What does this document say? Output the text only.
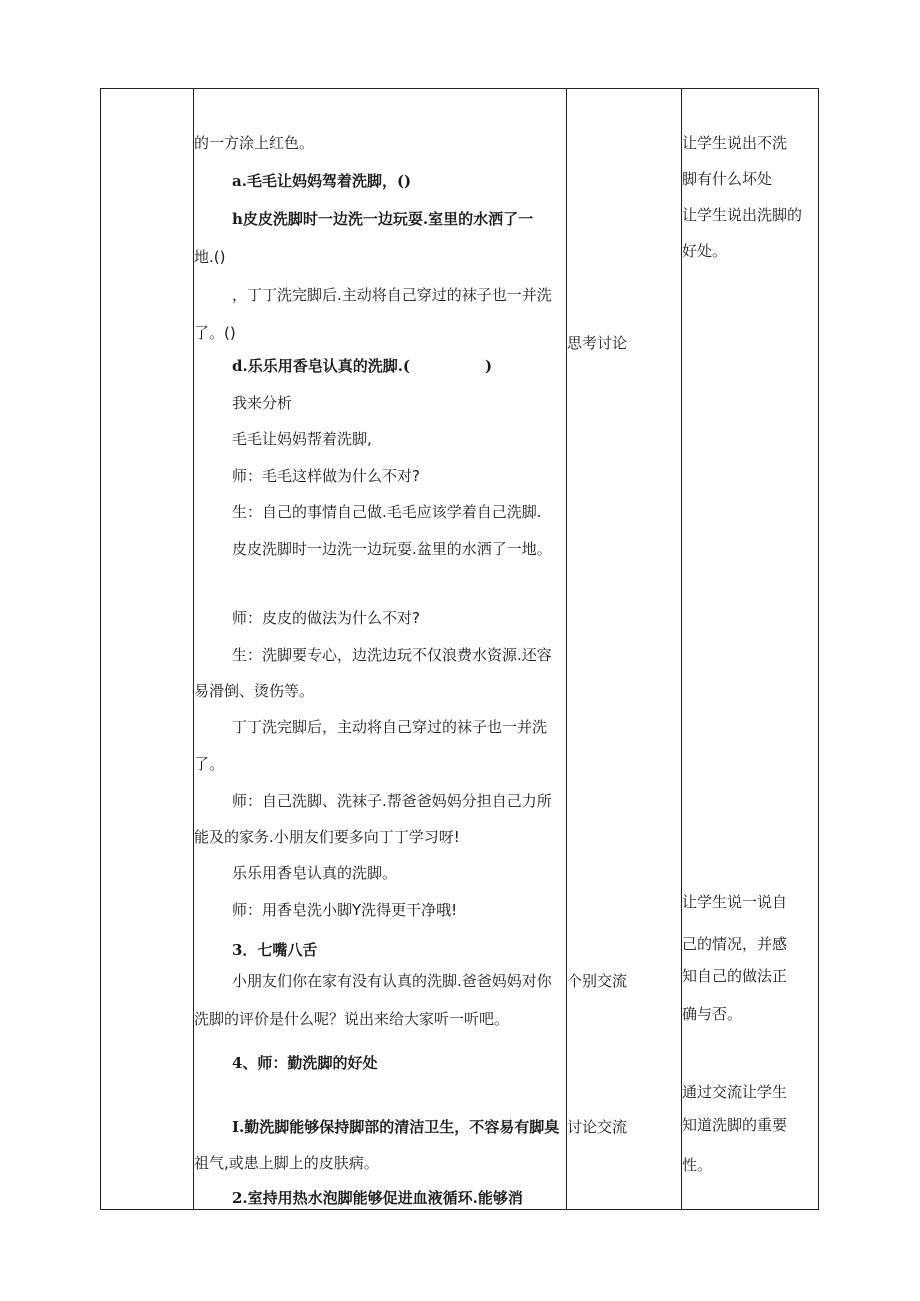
的一方涂上红色。
a.毛毛让妈妈驾着洗脚，()
h皮皮洗脚时一边洗一边玩耍.室里的水洒了一
地.()
，丁丁洗完脚后.主动将自己穿过的袜子也一并洗
了。()
d.乐乐用香皂认真的洗脚.(　　　　　)
我来分析
毛毛让妈妈帮着洗脚,
师：毛毛这样做为什么不对?
生：自己的事情自己做.毛毛应该学着自己洗脚.
皮皮洗脚时一边洗一边玩耍.盆里的水洒了一地。
师：皮皮的做法为什么不对?
生：洗脚要专心，边洗边玩不仅浪费水资源.还容
易滑倒、烫伤等。
丁丁洗完脚后，主动将自己穿过的袜子也一并洗
了。
师：自己洗脚、洗袜子.帮爸爸妈妈分担自己力所
能及的家务.小朋友们要多向丁丁学习呀!
乐乐用香皂认真的洗脚。
师：用香皂洗小脚Y洗得更干净哦!
3．七嘴八舌
小朋友们你在家有没有认真的洗脚.爸爸妈妈对你
洗脚的评价是什么呢？说出来给大家听一听吧。
4、师：勤洗脚的好处
I.勤洗脚能够保持脚部的清洁卫生，不容易有脚臭
祖气,或患上脚上的皮肤病。
2.室持用热水泡脚能够促进血液循环.能够消
思考讨论
个别交流
讨论交流
让学生说出不洗
脚有什么坏处
让学生说出洗脚的
好处。
让学生说一说自
己的情况，并感
知自己的做法正
确与否。
通过交流让学生
知道洗脚的重要
性。
